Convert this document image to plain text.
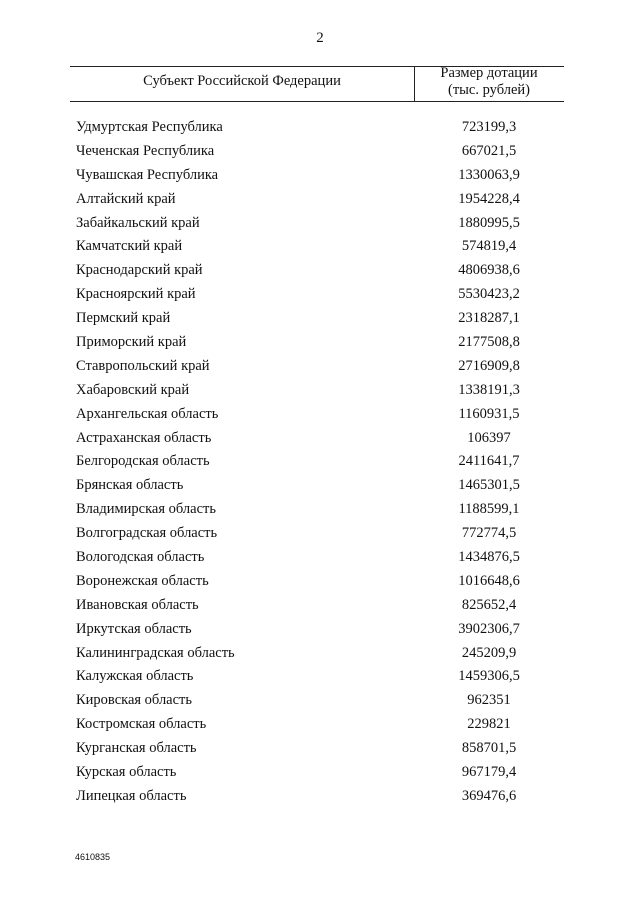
2
Субъект Российской Федерации	Размер дотации
(тыс. рублей)
Удмуртская Республика	723199,3
Чеченская Республика	667021,5
Чувашская Республика	1330063,9
Алтайский край	1954228,4
Забайкальский край	1880995,5
Камчатский край	574819,4
Краснодарский край	4806938,6
Красноярский край	5530423,2
Пермский край	2318287,1
Приморский край	2177508,8
Ставропольский край	2716909,8
Хабаровский край	1338191,3
Архангельская область	1160931,5
Астраханская область	106397
Белгородская область	2411641,7
Брянская область	1465301,5
Владимирская область	1188599,1
Волгоградская область	772774,5
Вологодская область	1434876,5
Воронежская область	1016648,6
Ивановская область	825652,4
Иркутская область	3902306,7
Калининградская область	245209,9
Калужская область	1459306,5
Кировская область	962351
Костромская область	229821
Курганская область	858701,5
Курская область	967179,4
Липецкая область	369476,6
4610835
